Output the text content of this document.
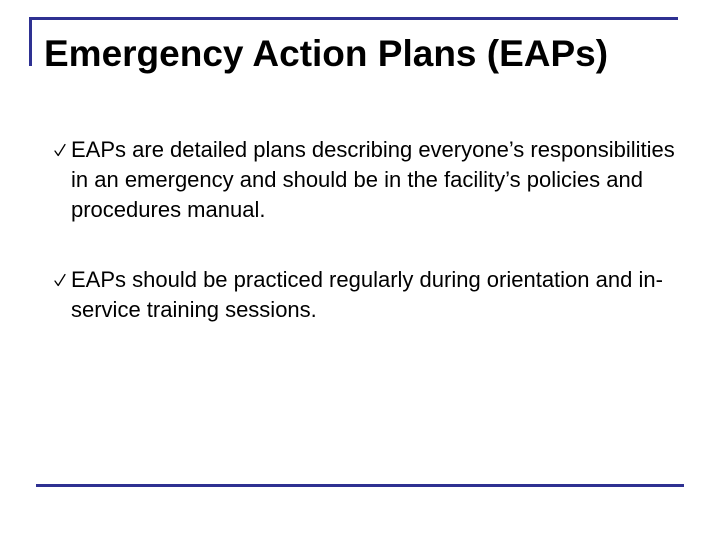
Emergency Action Plans (EAPs)
EAPs are detailed plans describing everyone’s responsibilities in an emergency and should be in the facility’s policies and procedures manual.
EAPs should be practiced regularly during orientation and in-service training sessions.
